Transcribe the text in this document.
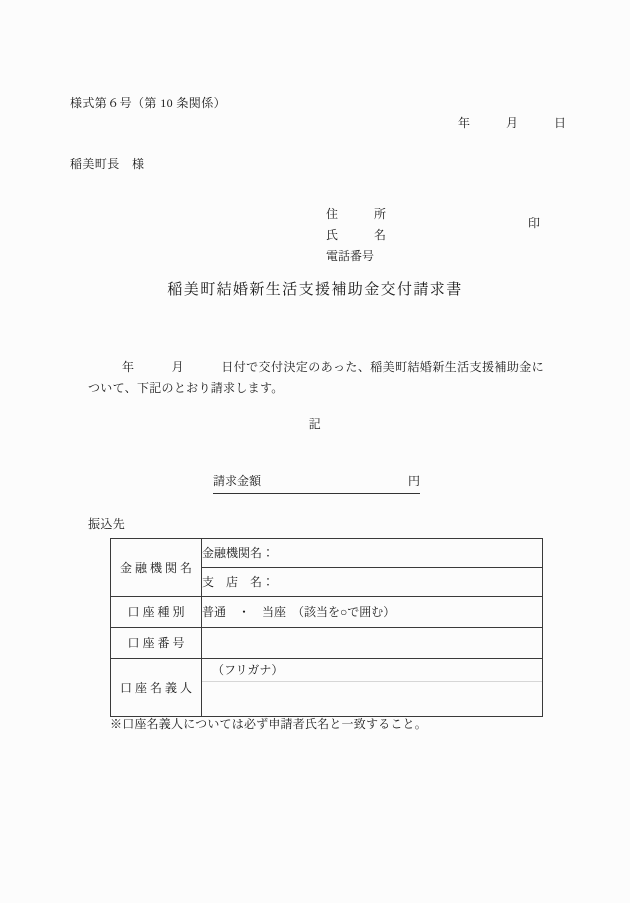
様式第６号（第 10 条関係）
年　　　月　　　日
稲美町長　様

住　　　所

氏　　　名

印

電話番号

稲美町結婚新生活支援補助金交付請求書
年　　　月　　　日付で交付決定のあった、稲美町結婚新生活支援補助金について、下記のとおり請求します。
記
請求金額	円
振込先
金融機関名	金融機関名：
	支　店　名：
口座種別	普通　・　当座　（該当を○で囲む）
口座番号	
口座名義人	（フリガナ）
※口座名義人については必ず申請者氏名と一致すること。
